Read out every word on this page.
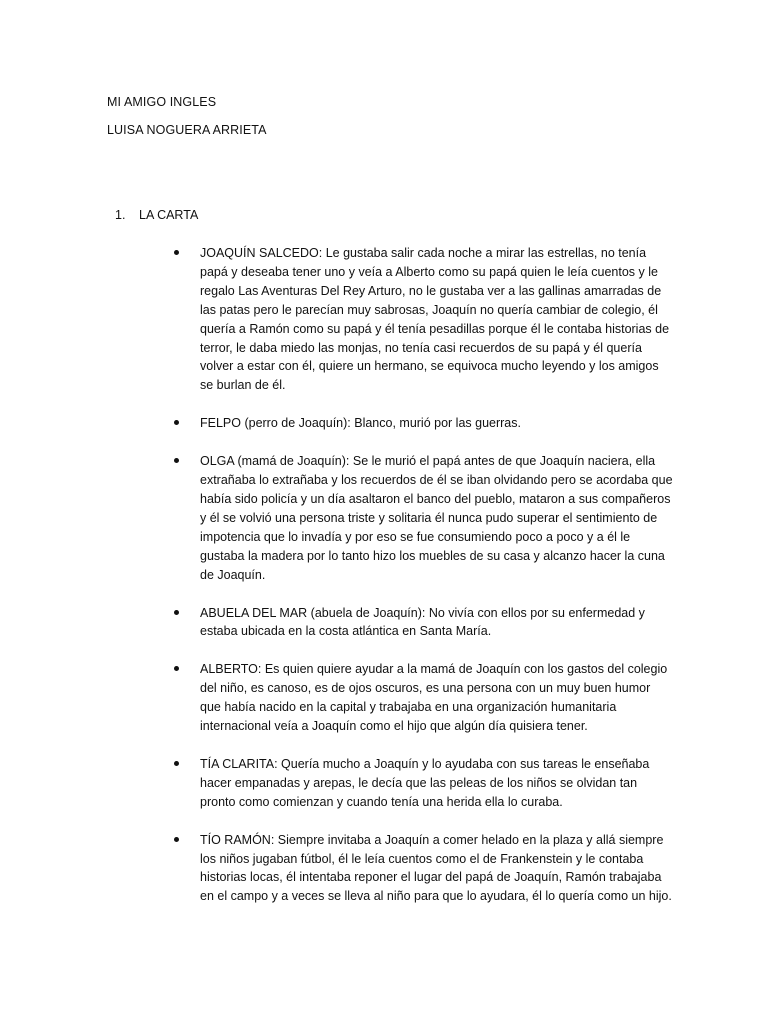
MI AMIGO INGLES
LUISA NOGUERA ARRIETA
1. LA CARTA
JOAQUÍN SALCEDO: Le gustaba salir cada noche a mirar las estrellas, no tenía papá y deseaba tener uno y veía a Alberto como su papá quien le leía cuentos y le regalo Las Aventuras Del Rey Arturo, no le gustaba ver a las gallinas amarradas de las patas pero le parecían muy sabrosas, Joaquín no quería cambiar de colegio, él quería a Ramón como su papá y él tenía pesadillas porque él le contaba historias de terror, le daba miedo las monjas, no tenía casi recuerdos de su papá y él quería volver a estar con él, quiere un hermano, se equivoca mucho leyendo y los amigos se burlan de él.
FELPO (perro de Joaquín): Blanco, murió por las guerras.
OLGA (mamá de Joaquín): Se le murió el papá antes de que Joaquín naciera, ella extrañaba lo extrañaba y los recuerdos de él se iban olvidando pero se acordaba que había sido policía y un día asaltaron el banco del pueblo, mataron a sus compañeros y él se volvió una persona triste y solitaria él nunca pudo superar el sentimiento de impotencia que lo invadía y por eso se fue consumiendo poco a poco y a él le gustaba la madera por lo tanto hizo los muebles de su casa y alcanzo hacer la cuna de Joaquín.
ABUELA DEL MAR (abuela de Joaquín): No vivía con ellos por su enfermedad y estaba ubicada en la costa atlántica en Santa María.
ALBERTO: Es quien quiere ayudar a la mamá de Joaquín con los gastos del colegio del niño, es canoso, es de ojos oscuros, es una persona con un muy buen humor que había nacido en la capital y trabajaba en una organización humanitaria internacional veía a Joaquín como el hijo que algún día quisiera tener.
TÍA CLARITA: Quería mucho a Joaquín y lo ayudaba con sus tareas le enseñaba hacer empanadas y arepas, le decía que las peleas de los niños se olvidan tan pronto como comienzan y cuando tenía una herida ella lo curaba.
TÍO RAMÓN: Siempre invitaba a Joaquín a comer helado en la plaza y allá siempre los niños jugaban fútbol, él le leía cuentos como el de Frankenstein y le contaba historias locas, él intentaba reponer el lugar del papá de Joaquín, Ramón trabajaba en el campo y a veces se lleva al niño para que lo ayudara, él lo quería como un hijo.
